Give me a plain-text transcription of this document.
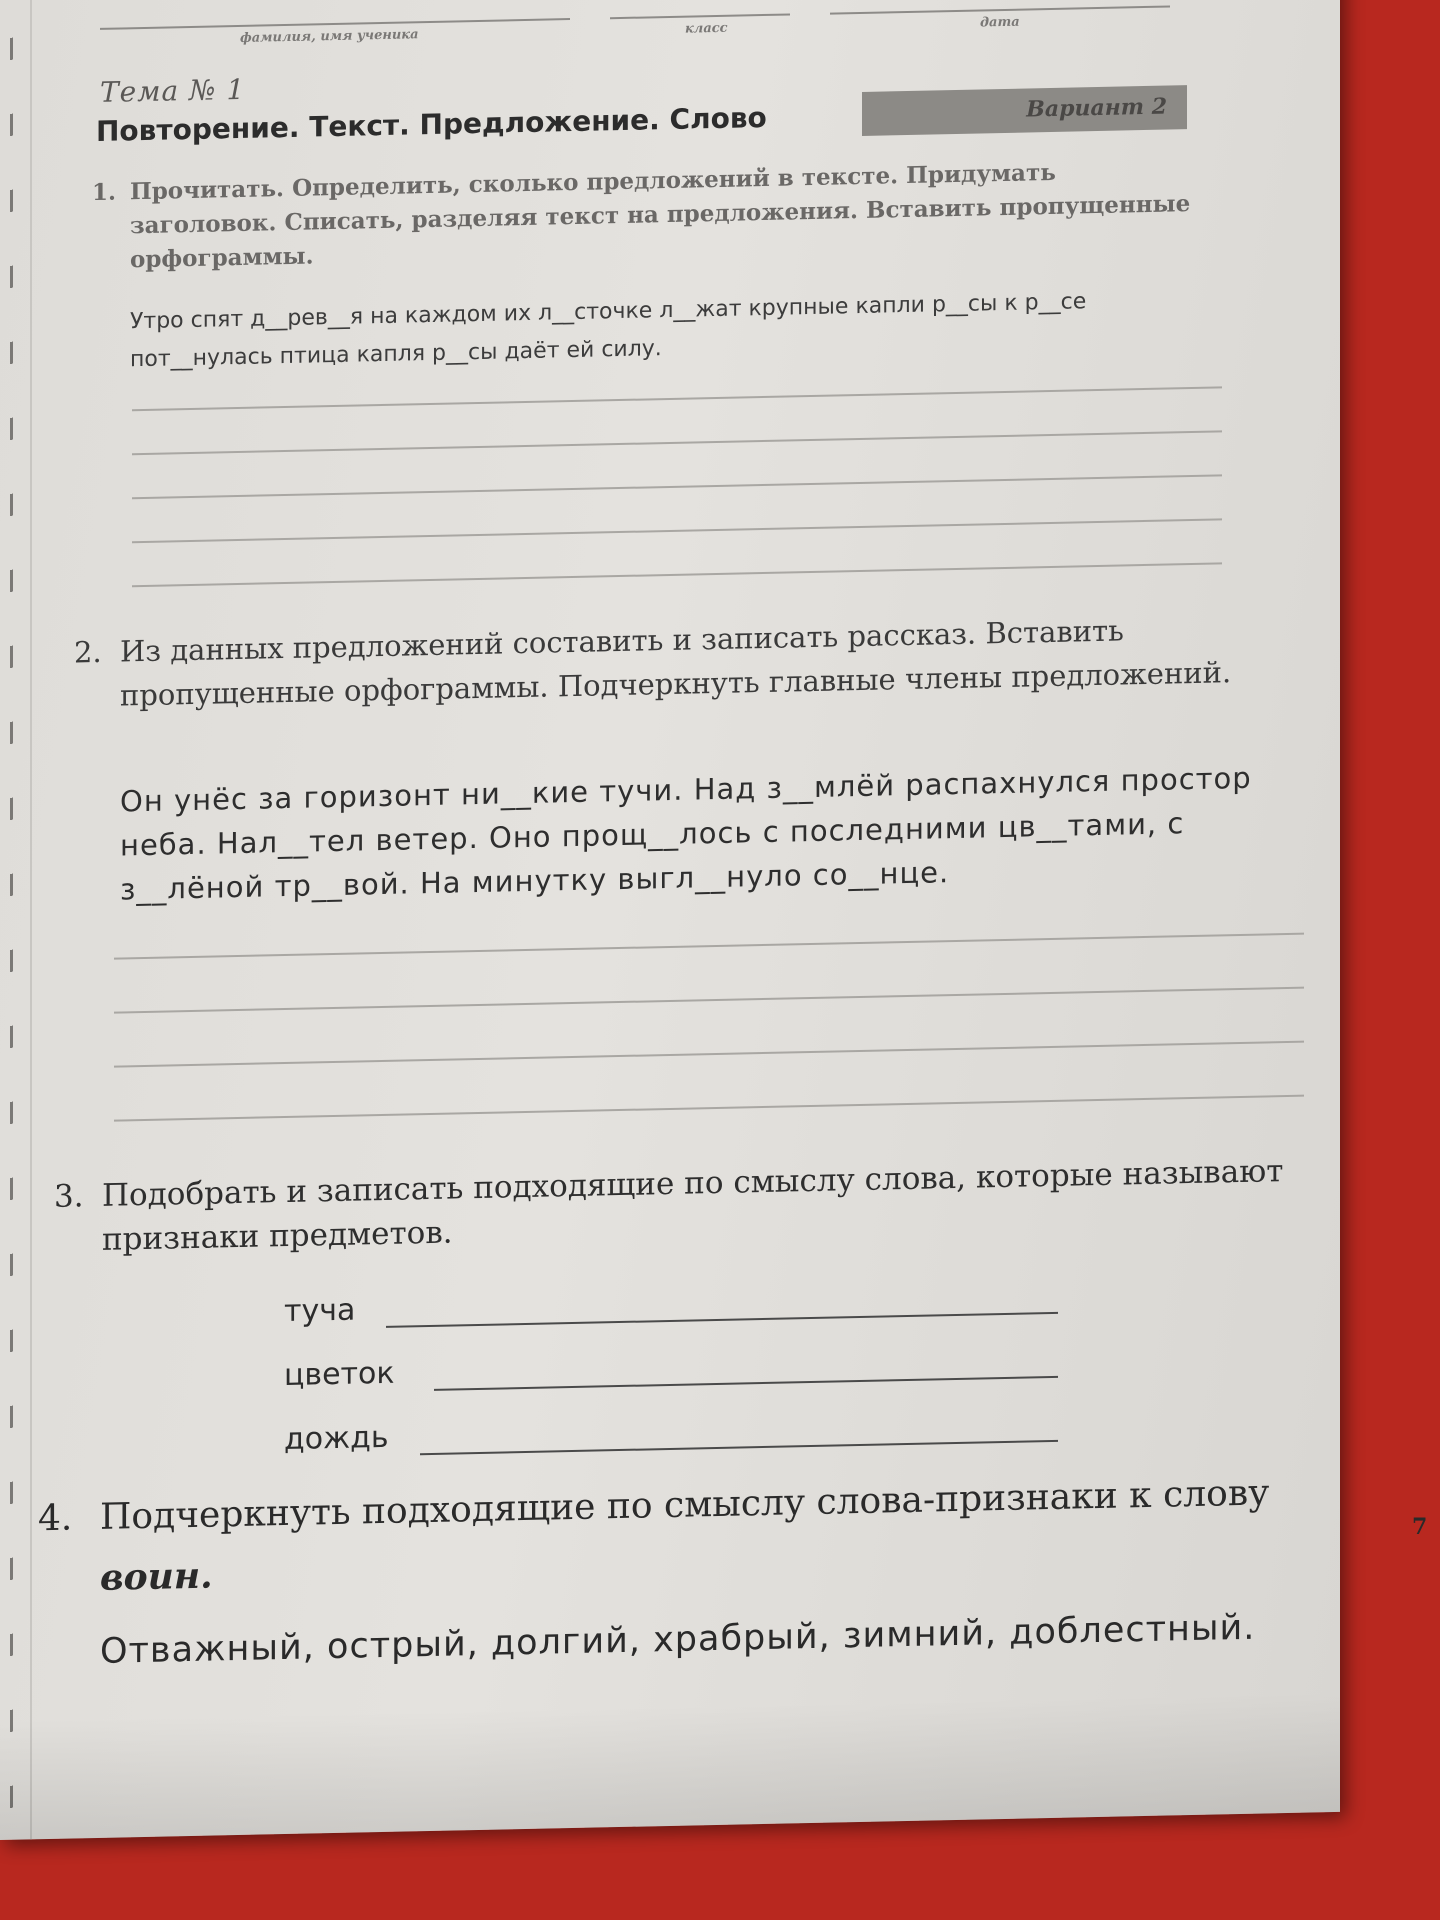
фамилия, имя ученика	класс	дата
Тема № 1
Повторение. Текст. Предложение. Слово	Вариант 2
1. Прочитать. Определить, сколько предложений в тексте. Придумать заголовок. Списать, разделяя текст на предложения. Вставить пропущенные орфограммы.
Утро спят д__рев__я на каждом их л__сточке л__жат крупные капли р__сы к р__се пот__нулась птица капля р__сы даёт ей силу.
2. Из данных предложений составить и записать рассказ. Вставить пропущенные орфограммы. Подчеркнуть главные члены предложений.
Он унёс за горизонт ни__кие тучи. Над з__млёй распахнулся простор неба. Нал__тел ветер. Оно прощ__лось с последними цв__тами, с з__лёной тр__вой. На минутку выгл__нуло со__нце.
3. Подобрать и записать подходящие по смыслу слова, которые называют признаки предметов.
туча
цветок
дождь
4. Подчеркнуть подходящие по смыслу слова-признаки к слову воин.
Отважный, острый, долгий, храбрый, зимний, доблестный.
7
